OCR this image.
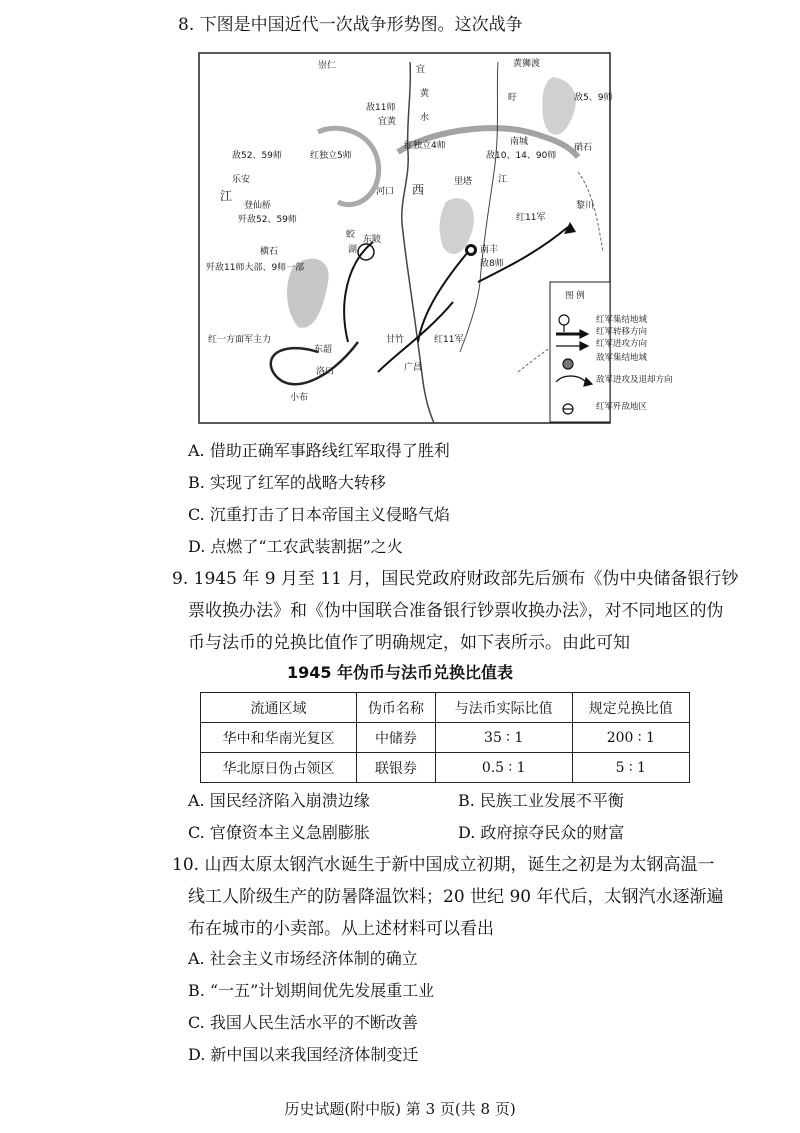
8. 下图是中国近代一次战争形势图。这次战争
图 例
红军集结地域
红军转移方向
红军进攻方向
敌军集结地域
敌军进攻及退却方向
红军歼敌地区
崇仁	宜
黄
水
宜黄
黄狮渡
盱	敌5、9师
南城
敌10、14、90师
硝石
里塔	江
敌11师
红独立5师
敌52、59师
红独立4师
乐安
河口 西
江
登仙桥
歼敌52、59师
蛟
湖
东陂
横石
歼敌11师大部、9师一部
南丰
敌8师
黎川
红11军
红一方面军主力
东韶
洛口
甘竹	红11军
广昌
小布
A. 借助正确军事路线红军取得了胜利
B. 实现了红军的战略大转移
C. 沉重打击了日本帝国主义侵略气焰
D. 点燃了“工农武装割据”之火
9. 1945 年 9 月至 11 月，国民党政府财政部先后颁布《伪中央储备银行钞
票收换办法》和《伪中国联合准备银行钞票收换办法》，对不同地区的伪
币与法币的兑换比值作了明确规定，如下表所示。由此可知
1945 年伪币与法币兑换比值表
流通区域	伪币名称	与法币实际比值	规定兑换比值
华中和华南光复区	中储券	35 ∶ 1	200 ∶ 1
华北原日伪占领区	联银券	0.5 ∶ 1	5 ∶ 1
A. 国民经济陷入崩溃边缘	B. 民族工业发展不平衡
C. 官僚资本主义急剧膨胀	D. 政府掠夺民众的财富
10. 山西太原太钢汽水诞生于新中国成立初期，诞生之初是为太钢高温一
线工人阶级生产的防暑降温饮料；20 世纪 90 年代后，太钢汽水逐渐遍
布在城市的小卖部。从上述材料可以看出
A. 社会主义市场经济体制的确立
B. “一五”计划期间优先发展重工业
C. 我国人民生活水平的不断改善
D. 新中国以来我国经济体制变迁
历史试题(附中版) 第 3 页(共 8 页)
